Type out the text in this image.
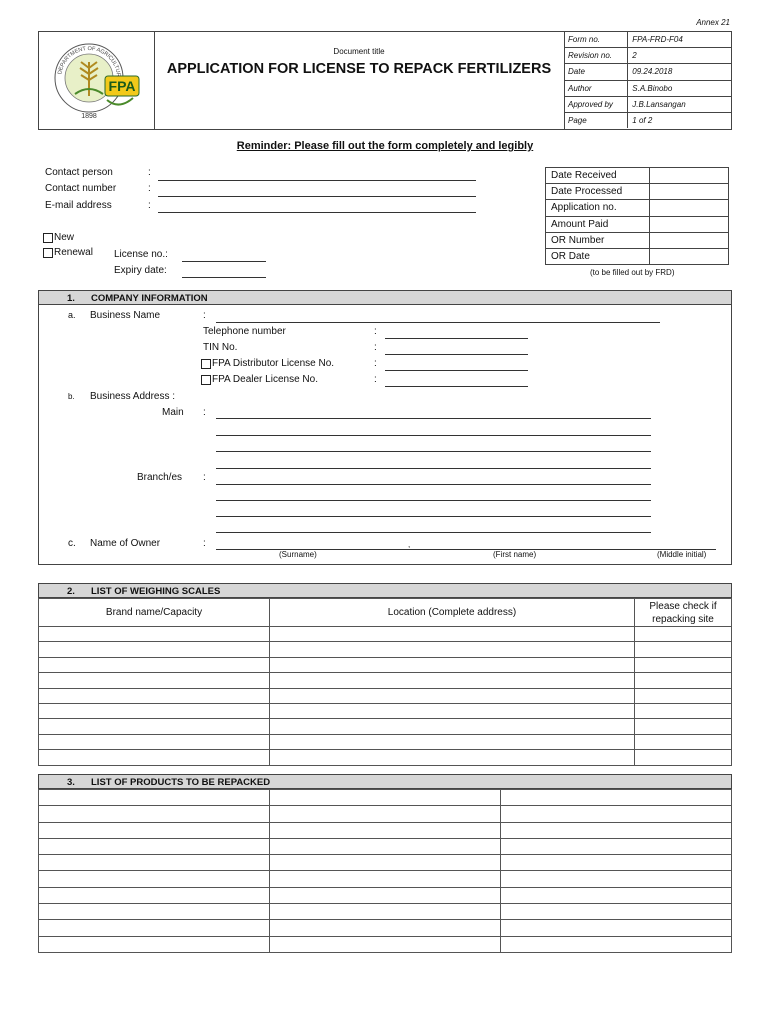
Annex 21
FPA
1898
DEPARTMENT OF AGRICULTUR
Document title
APPLICATION FOR LICENSE TO REPACK FERTILIZERS
Form no.	FPA-FRD-F04
Revision no.	2
Date	09.24.2018
Author	S.A.Binobo
Approved by	J.B.Lansangan
Page	1 of 2
Reminder: Please fill out the form completely and legibly
Contact person	:
Contact number	:
E-mail address	:
New
Renewal License no.:
Expiry date:
Date Received	
Date Processed	
Application no.	
Amount Paid	
OR Number	
OR Date	
(to be filled out by FRD)
1. COMPANY INFORMATION
a. Business Name	:
Telephone number	:
TIN No.	:
FPA Distributor License No.	:
FPA Dealer License No.	:
b. Business Address :
Main :
Branch/es :
c. Name of Owner	:	,
(Surname)	(First name)	(Middle initial)
2. LIST OF WEIGHING SCALES
Brand name/Capacity	Location (Complete address)	Please check if repacking site

3. LIST OF PRODUCTS TO BE REPACKED
